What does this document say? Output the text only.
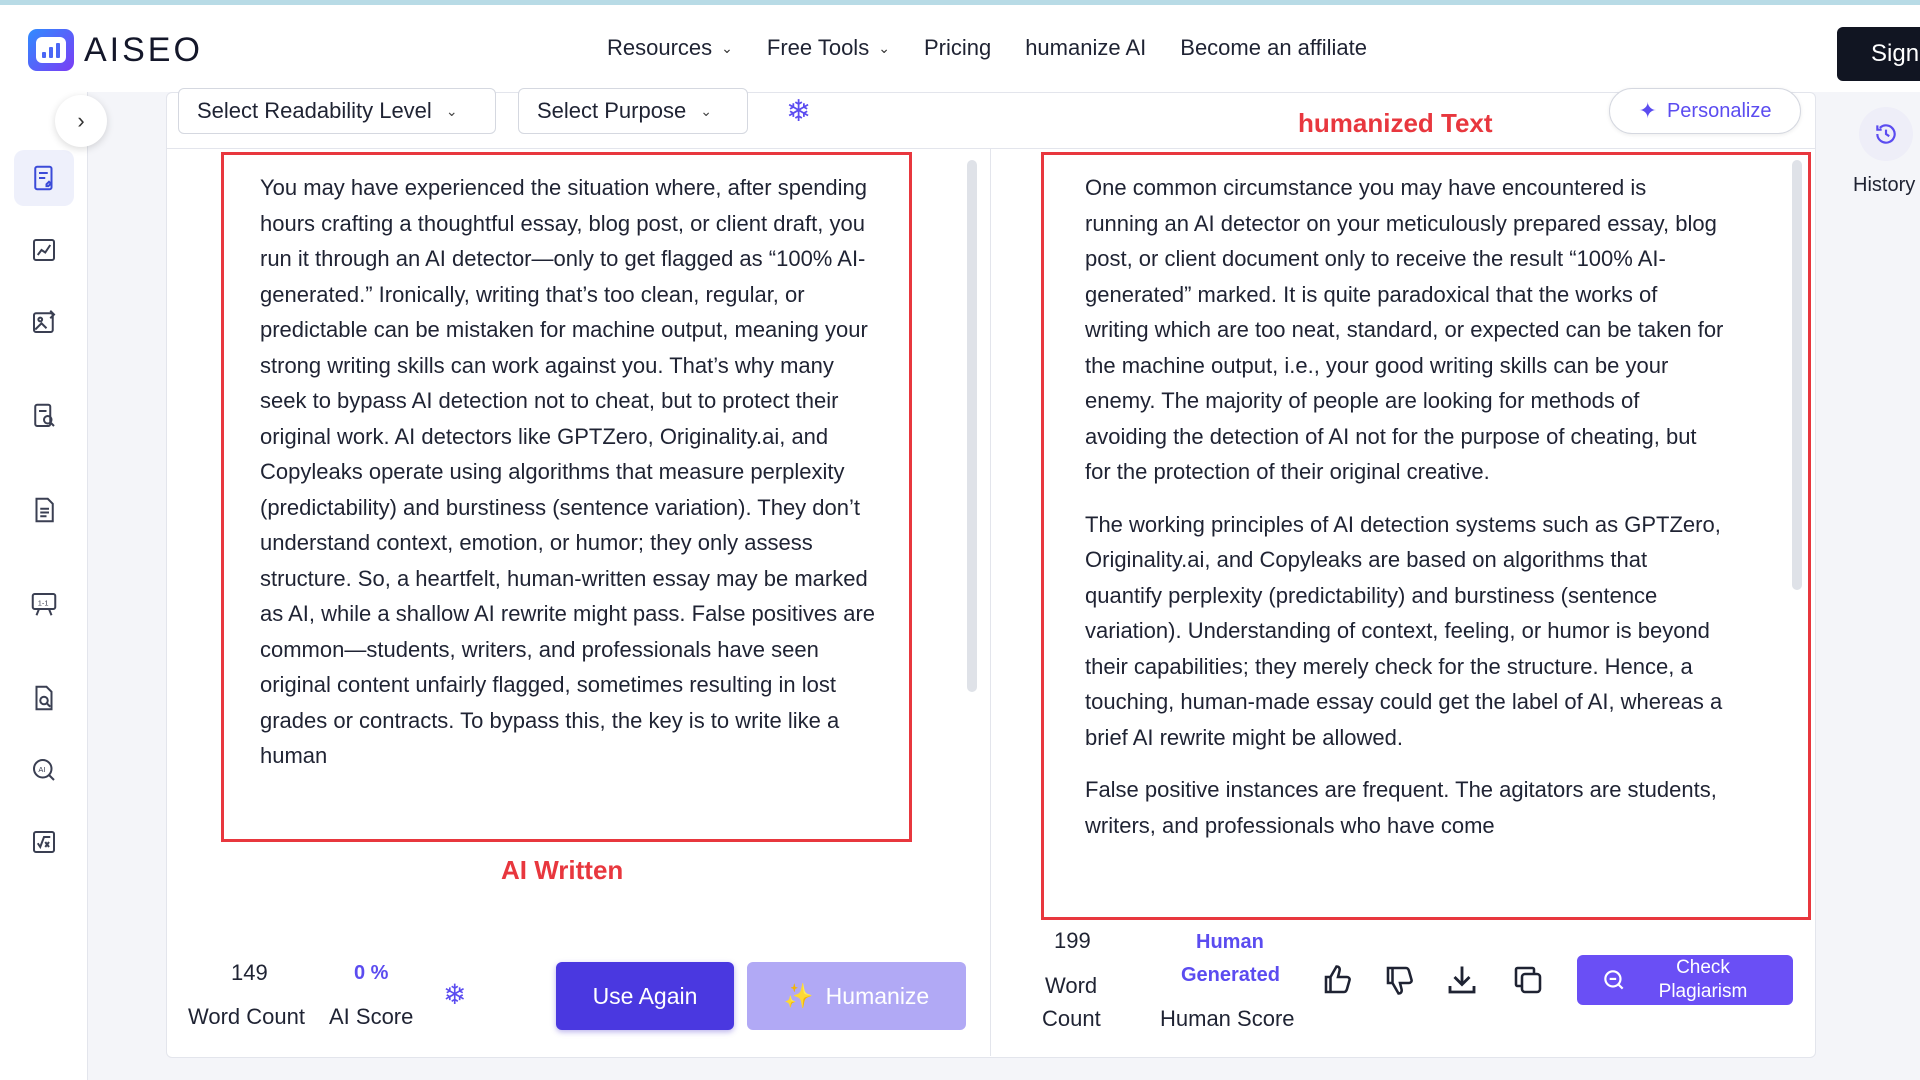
AISEO	Resources ⌄ Free Tools ⌄ Pricing humanize AI Become an affiliate	Sign
1-1
AI
›	Select Readability Level ⌄	Select Purpose ⌄ ❄	✦ Personalize
History

You may have experienced the situation where, after spending hours crafting a thoughtful essay, blog post, or client draft, you run it through an AI detector—only to get flagged as “100% AI-generated.” Ironically, writing that’s too clean, regular, or predictable can be mistaken for machine output, meaning your strong writing skills can work against you. That’s why many seek to bypass AI detection not to cheat, but to protect their original work. AI detectors like GPTZero, Originality.ai, and Copyleaks operate using algorithms that measure perplexity (predictability) and burstiness (sentence variation). They don’t understand context, emotion, or humor; they only assess structure. So, a heartfelt, human-written essay may be marked as AI, while a shallow AI rewrite might pass. False positives are common—students, writers, and professionals have seen original content unfairly flagged, sometimes resulting in lost grades or contracts. To bypass this, the key is to write like a human

AI Written
149
Word Count
0 %
AI Score
❄	Use Again	✨ Humanize
humanized Text

One common circumstance you may have encountered is running an AI detector on your meticulously prepared essay, blog post, or client document only to receive the result “100% AI-generated” marked. It is quite paradoxical that the works of writing which are too neat, standard, or expected can be taken for the machine output, i.e., your good writing skills can be your enemy. The majority of people are looking for methods of avoiding the detection of AI not for the purpose of cheating, but for the protection of their original creative.

The working principles of AI detection systems such as GPTZero, Originality.ai, and Copyleaks are based on algorithms that quantify perplexity (predictability) and burstiness (sentence variation). Understanding of context, feeling, or humor is beyond their capabilities; they merely check for the structure. Hence, a touching, human-made essay could get the label of AI, whereas a brief AI rewrite might be allowed.

False positive instances are frequent. The agitators are students, writers, and professionals who have come

199
Word
Count
Human
Generated
Human Score
Check
Plagiarism
